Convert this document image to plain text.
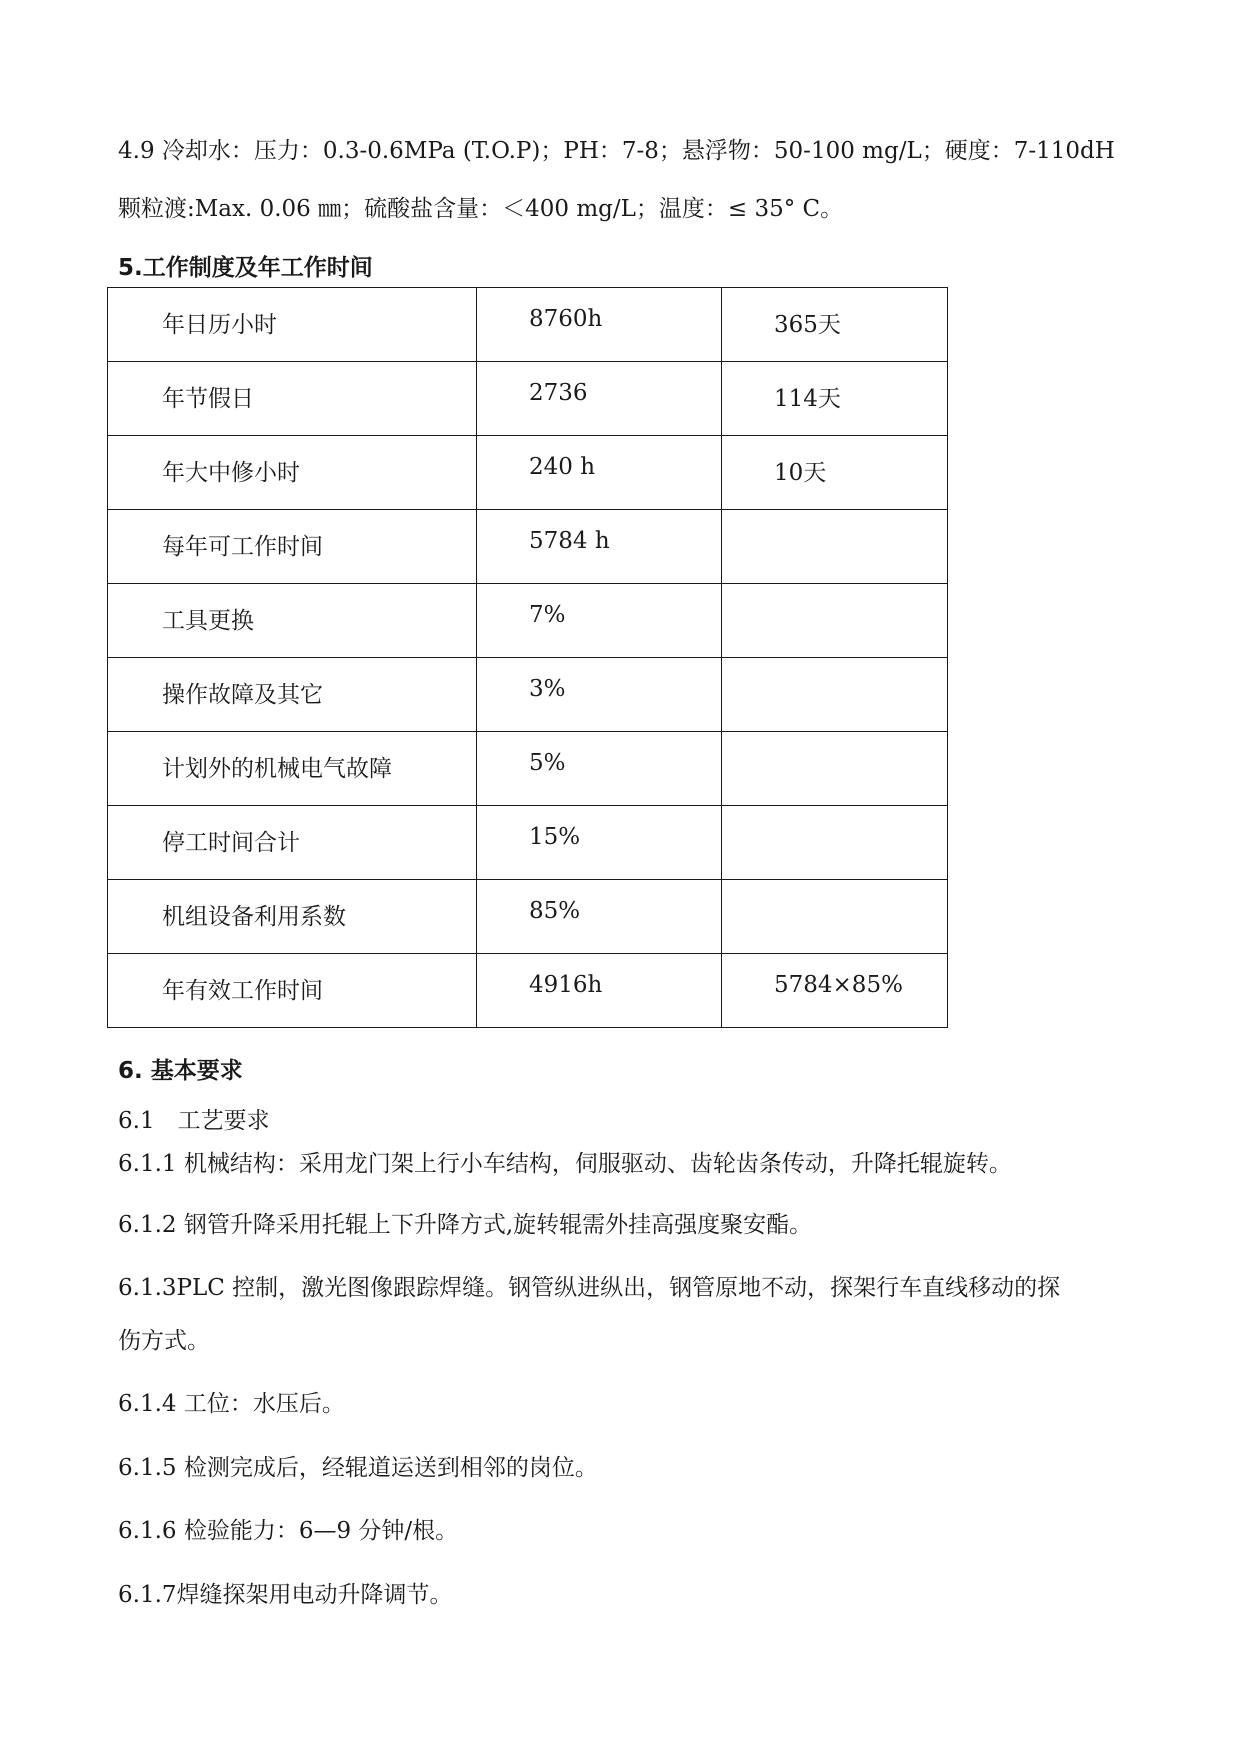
4.9 冷却水：压力：0.3-0.6MPa (T.O.P)；PH：7-8；悬浮物：50-100 mg/L；硬度：7-110dH
颗粒渡:Max. 0.06 ㎜；硫酸盐含量：＜400 mg/L；温度：≤ 35° C。
5.工作制度及年工作时间
年日历小时	8760h	365天
年节假日	2736	114天
年大中修小时	240 h	10天
每年可工作时间	5784 h	
工具更换	7%	
操作故障及其它	3%	
计划外的机械电气故障	5%	
停工时间合计	15%	
机组设备利用系数	85%	
年有效工作时间	4916h	5784×85%
6. 基本要求
6.1　工艺要求
6.1.1 机械结构：采用龙门架上行小车结构，伺服驱动、齿轮齿条传动，升降托辊旋转。
6.1.2 钢管升降采用托辊上下升降方式,旋转辊需外挂高强度聚安酯。
6.1.3PLC 控制，激光图像跟踪焊缝。钢管纵进纵出，钢管原地不动，探架行车直线移动的探
伤方式。
6.1.4 工位：水压后。
6.1.5 检测完成后，经辊道运送到相邻的岗位。
6.1.6 检验能力：6—9 分钟/根。
6.1.7焊缝探架用电动升降调节。
